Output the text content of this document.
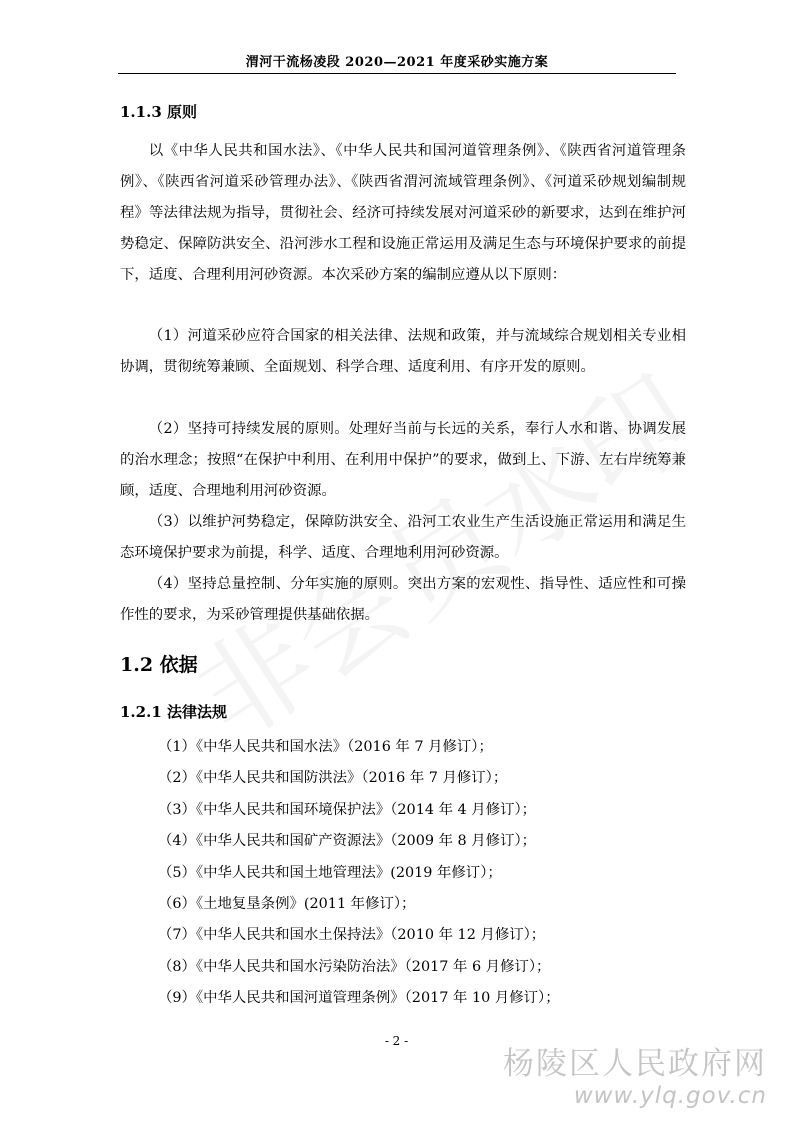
渭河干流杨凌段 2020—2021 年度采砂实施方案
1.1.3 原则

以《中华人民共和国水法》、《中华人民共和国河道管理条例》、《陕西省河道管理条例》、《陕西省河道采砂管理办法》、《陕西省渭河流域管理条例》、《河道采砂规划编制规程》等法律法规为指导，贯彻社会、经济可持续发展对河道采砂的新要求，达到在维护河势稳定、保障防洪安全、沿河涉水工程和设施正常运用及满足生态与环境保护要求的前提下，适度、合理利用河砂资源。本次采砂方案的编制应遵从以下原则：

（1）河道采砂应符合国家的相关法律、法规和政策，并与流域综合规划相关专业相协调，贯彻统筹兼顾、全面规划、科学合理、适度利用、有序开发的原则。

（2）坚持可持续发展的原则。处理好当前与长远的关系，奉行人水和谐、协调发展的治水理念；按照“在保护中利用、在利用中保护”的要求，做到上、下游、左右岸统筹兼顾，适度、合理地利用河砂资源。

（3）以维护河势稳定，保障防洪安全、沿河工农业生产生活设施正常运用和满足生态环境保护要求为前提，科学、适度、合理地利用河砂资源。

（4）坚持总量控制、分年实施的原则。突出方案的宏观性、指导性、适应性和可操作性的要求，为采砂管理提供基础依据。

1.2 依据
1.2.1 法律法规
（1）《中华人民共和国水法》（2016 年 7 月修订）；
（2）《中华人民共和国防洪法》（2016 年 7 月修订）；
（3）《中华人民共和国环境保护法》（2014 年 4 月修订）；
（4）《中华人民共和国矿产资源法》（2009 年 8 月修订）；
（5）《中华人民共和国土地管理法》(2019 年修订）；
（6）《土地复垦条例》(2011 年修订）；
（7）《中华人民共和国水土保持法》（2010 年 12 月修订）；
（8）《中华人民共和国水污染防治法》（2017 年 6 月修订）；
（9）《中华人民共和国河道管理条例》（2017 年 10 月修订）；
- 2 -
杨陵区人民政府网
www.ylq.gov.cn
